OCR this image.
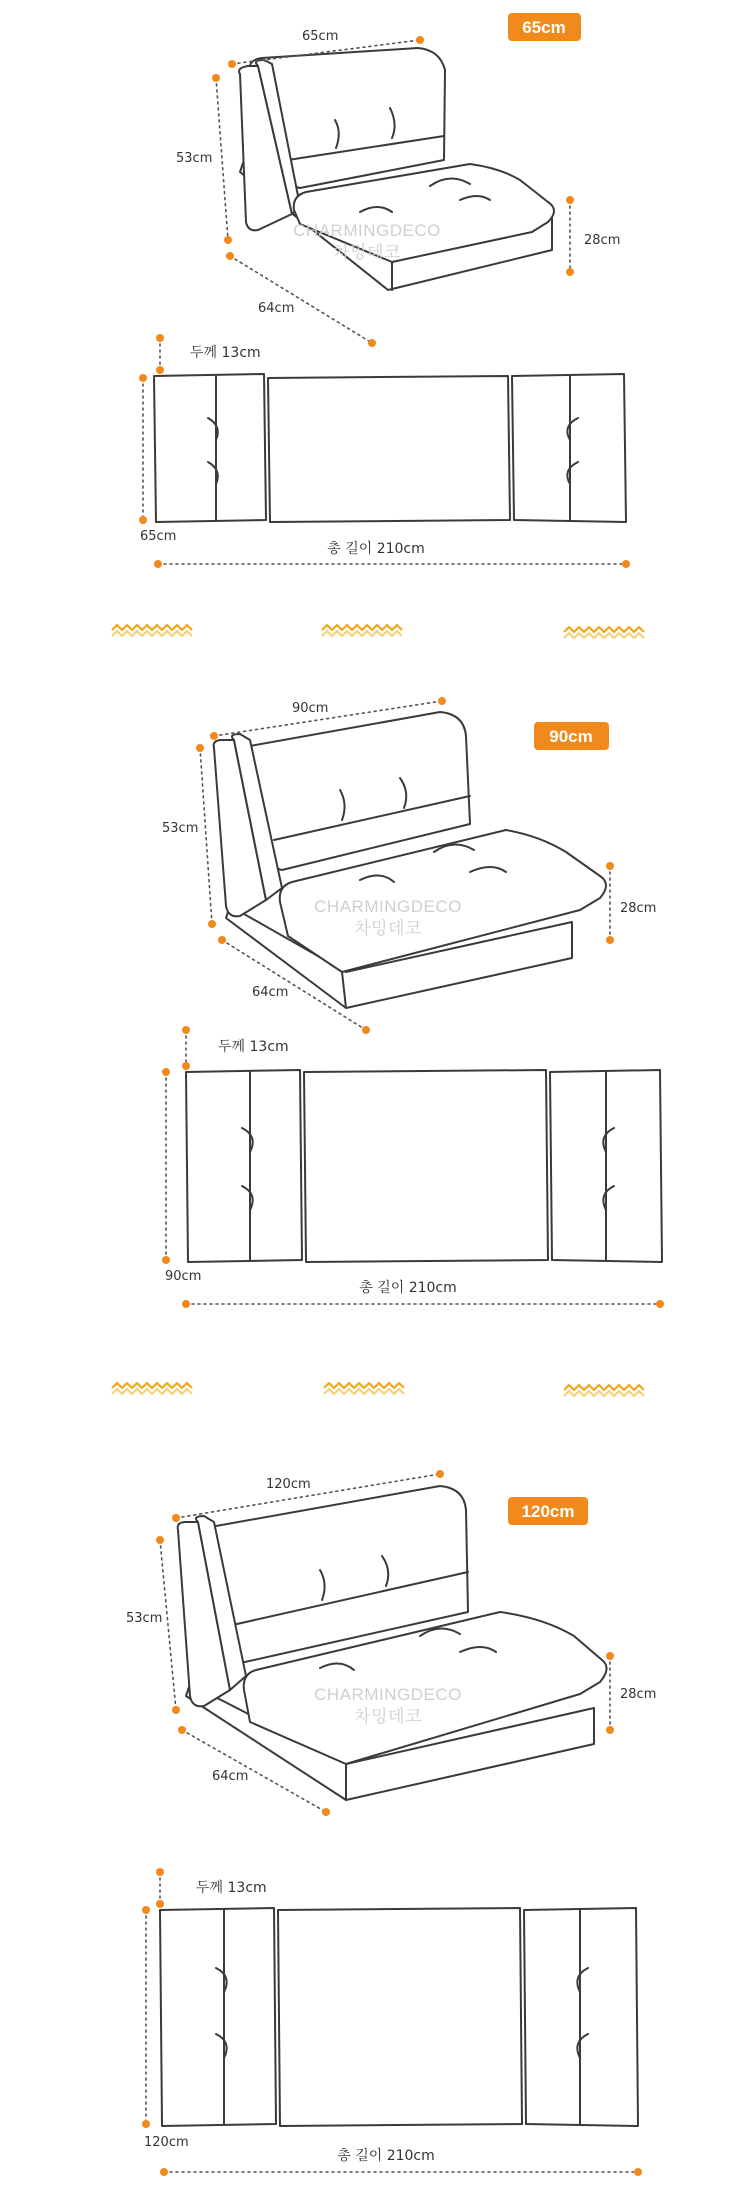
65cm
CHARMINGDECO
차밍데코
65cm
53cm
64cm
28cm
두께 13cm
65cm
총 길이 210cm
90cm
CHARMINGDECO
차밍데코
90cm
53cm
64cm
28cm
두께 13cm
90cm
총 길이 210cm
120cm
CHARMINGDECO
차밍데코
120cm
53cm
64cm
28cm
두께 13cm
120cm
총 길이 210cm
